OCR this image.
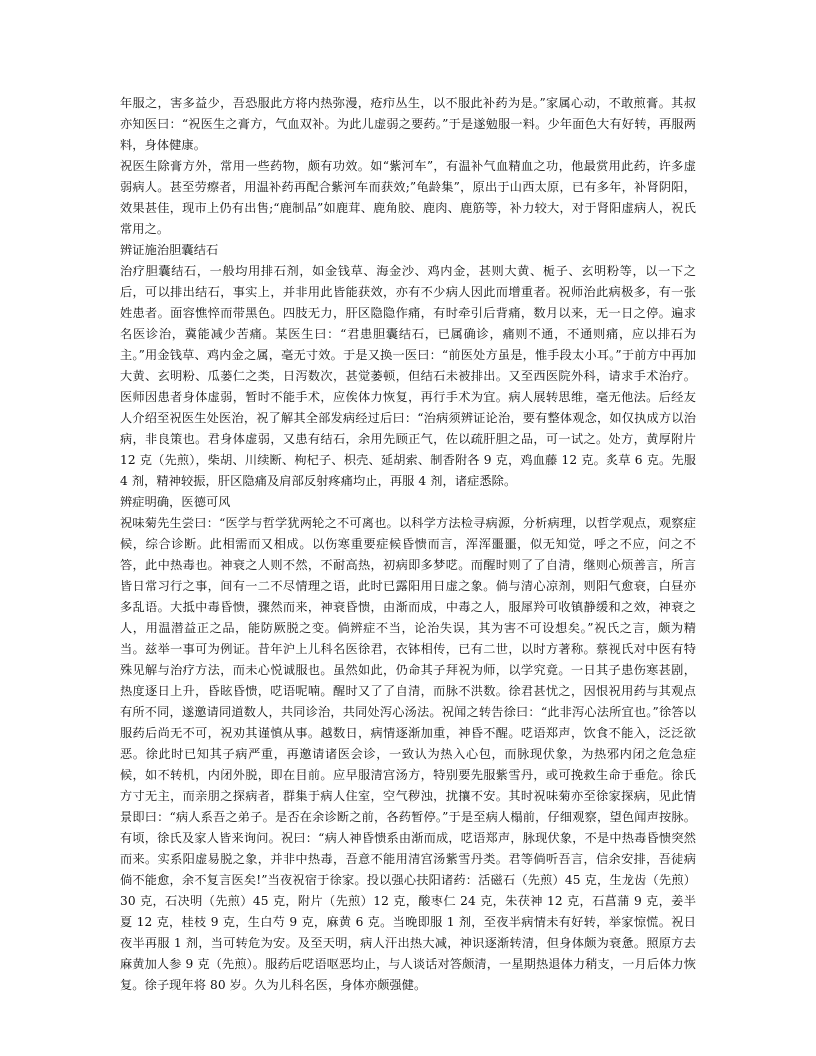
年服之，害多益少，吾恐服此方将内热弥漫，疮疖丛生，以不服此补药为是。”家属心动，不敢煎膏。其叔亦知医曰：“祝医生之膏方，气血双补。为此儿虚弱之要药。”于是遂勉服一料。少年面色大有好转，再服两料，身体健康。

祝医生除膏方外，常用一些药物，颇有功效。如“紫河车”，有温补气血精血之功，他最赏用此药，许多虚弱病人。甚至劳瘵者，用温补药再配合紫河车而获效;”龟龄集”，原出于山西太原，已有多年，补肾阴阳，效果甚佳，现市上仍有出售;“鹿制品”如鹿茸、鹿角胶、鹿肉、鹿筋等，补力较大，对于肾阳虚病人，祝氏常用之。

辨证施治胆囊结石

治疗胆囊结石，一般均用排石剂，如金钱草、海金沙、鸡内金，甚则大黄、栀子、玄明粉等，以一下之后，可以排出结石，事实上，并非用此皆能获效，亦有不少病人因此而增重者。祝师治此病极多，有一张姓患者。面容憔悴而带黑色。四肢无力，肝区隐隐作痛，有时牵引后背痛，数月以来，无一日之停。遍求名医诊治，冀能减少苦痛。某医生曰：“君患胆囊结石，已属确诊，痛则不通，不通则痛，应以排石为主。”用金钱草、鸡内金之属，毫无寸效。于是又换一医曰：“前医处方虽是，惟手段太小耳。”于前方中再加大黄、玄明粉、瓜蒌仁之类，日泻数次，甚觉萎顿，但结石未被排出。又至西医院外科，请求手术治疗。医师因患者身体虚弱，暂时不能手术，应俟体力恢复，再行手术为宜。病人展转思维，毫无他法。后经友人介绍至祝医生处医治，祝了解其全部发病经过后曰：“治病须辨证论治，要有整体观念，如仅执成方以治病，非良策也。君身体虚弱，又患有结石，余用先顾正气，佐以疏肝胆之品，可一试之。处方，黄厚附片 12 克（先煎），柴胡、川续断、枸杞子、枳壳、延胡索、制香附各 9 克，鸡血藤 12 克。炙草 6 克。先服 4 剂，精神较振，肝区隐痛及肩部反射疼痛均止，再服 4 剂，诸症悉除。

辨症明确，医德可风

祝味菊先生尝曰：“医学与哲学犹两轮之不可离也。以科学方法检寻病源，分析病理，以哲学观点，观察症候，综合诊断。此相需而又相成。以伤寒重要症候昏愦而言，浑浑噩噩，似无知觉，呼之不应，问之不答，此中热毒也。神衰之人则不然，不耐高热，初病即多梦呓。而醒时则了了自清，继则心烦善言，所言皆日常习行之事，间有一二不尽情理之语，此时已露阳用日虚之象。倘与清心凉剂，则阳气愈衰，白昼亦多乱语。大抵中毒昏愦，骤然而来，神衰昏愦，由渐而成，中毒之人，服犀羚可收镇静缓和之效，神衰之人，用温潜益正之品，能防厥脱之变。倘辨症不当，论治失误，其为害不可设想矣。”祝氏之言，颇为精当。兹举一事可为例证。昔年沪上儿科名医徐君，衣钵相传，已有二世，以时方著称。蔡视氏对中医有特殊见解与治疗方法，而未心悦诚服也。虽然如此，仍命其子拜祝为师，以学究竟。一日其子患伤寒甚剧，热度逐日上升，昏眩昏愦，呓语呢喃。醒时又了了自清，而脉不洪数。徐君甚忧之，因恨祝用药与其观点有所不同，遂邀请同道数人，共同诊治，共同处泻心汤法。祝闻之转告徐曰：“此非泻心法所宜也。”徐答以服药后尚无不可，祝劝其谨慎从事。越数日，病情逐渐加重，神昏不醒。呓语郑声，饮食不能入，泛泛欲恶。徐此时已知其子病严重，再邀请诸医会诊，一致认为热入心包，而脉现伏象，为热邪内闭之危急症候，如不转机，内闭外脱，即在目前。应早服清宫汤方，特别要先服紫雪丹，或可挽救生命于垂危。徐氏方寸无主，而亲朋之探病者，群集于病人住室，空气秽浊，扰攘不安。其时祝味菊亦至徐家探病，见此情景即曰：“病人系吾之弟子。是否在余诊断之前，各药暂停。”于是至病人榻前，仔细观察，望色闻声按脉。有顷，徐氏及家人皆来询问。祝曰：“病人神昏愦系由渐而成，呓语郑声，脉现伏象，不是中热毒昏愦突然而来。实系阳虚易脱之象，并非中热毒，吾意不能用清宫汤紫雪丹类。君等倘听吾言，信余安排，吾徒病倘不能愈，余不复言医矣!”当夜祝宿于徐家。投以强心扶阳诸药：活磁石（先煎）45 克，生龙齿（先煎）30 克，石决明（先煎）45 克，附片（先煎）12 克，酸枣仁 24 克，朱茯神 12 克，石菖蒲 9 克，姜半夏 12 克，桂枝 9 克，生白芍 9 克，麻黄 6 克。当晚即服 1 剂，至夜半病情未有好转，举家惊慌。祝日夜半再服 1 剂，当可转危为安。及至天明，病人汗出热大减，神识逐渐转清，但身体颇为衰惫。照原方去麻黄加人参 9 克（先煎）。服药后呓语呕恶均止，与人谈话对答颇清，一星期热退体力稍支，一月后体力恢复。徐子现年将 80 岁。久为儿科名医，身体亦颇强健。
